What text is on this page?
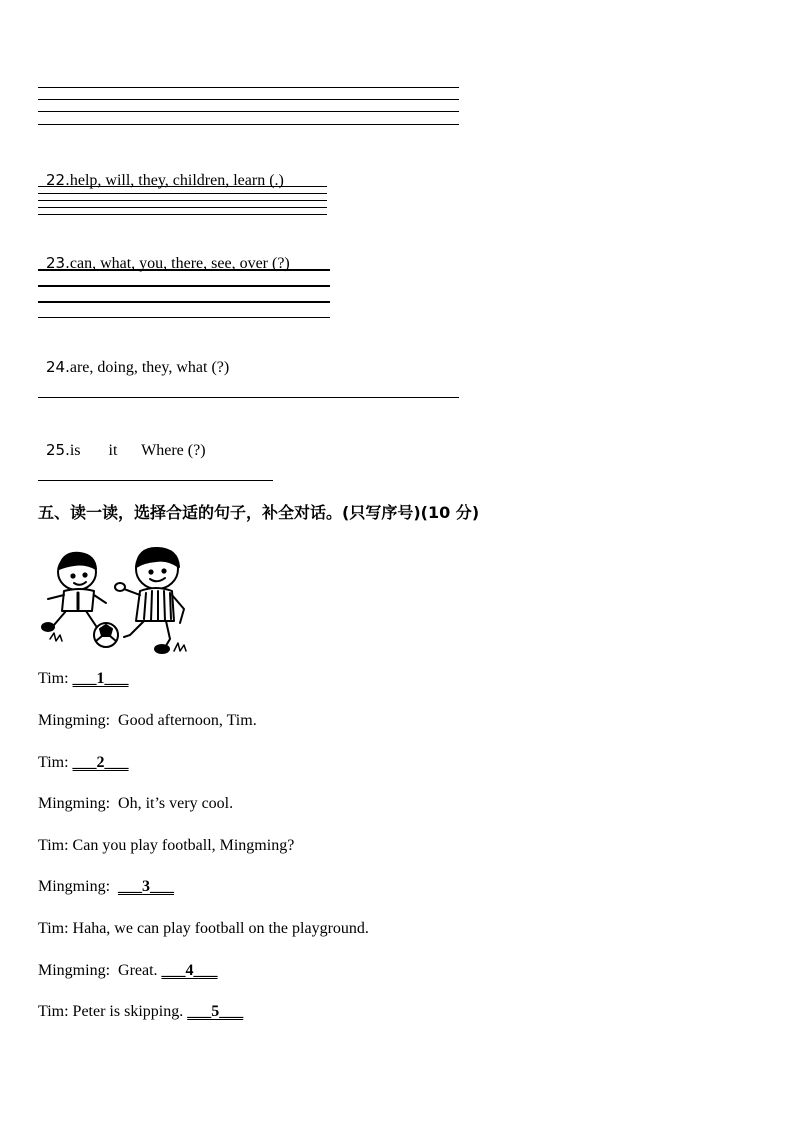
22.help, will, they, children, learn (.)

23.can, what, you, there, see, over (?)

24.are, doing, they, what (?)

25.is       it      Where (?)

五、读一读，选择合适的句子，补全对话。(只写序号)(10 分)
Tim: ___1___
Mingming:  Good afternoon, Tim.
Tim: ___2___
Mingming:  Oh, it’s very cool.
Tim: Can you play football, Mingming?
Mingming: ___3___
Tim: Haha, we can play football on the playground.
Mingming:  Great. ___4___
Tim: Peter is skipping. ___5___
